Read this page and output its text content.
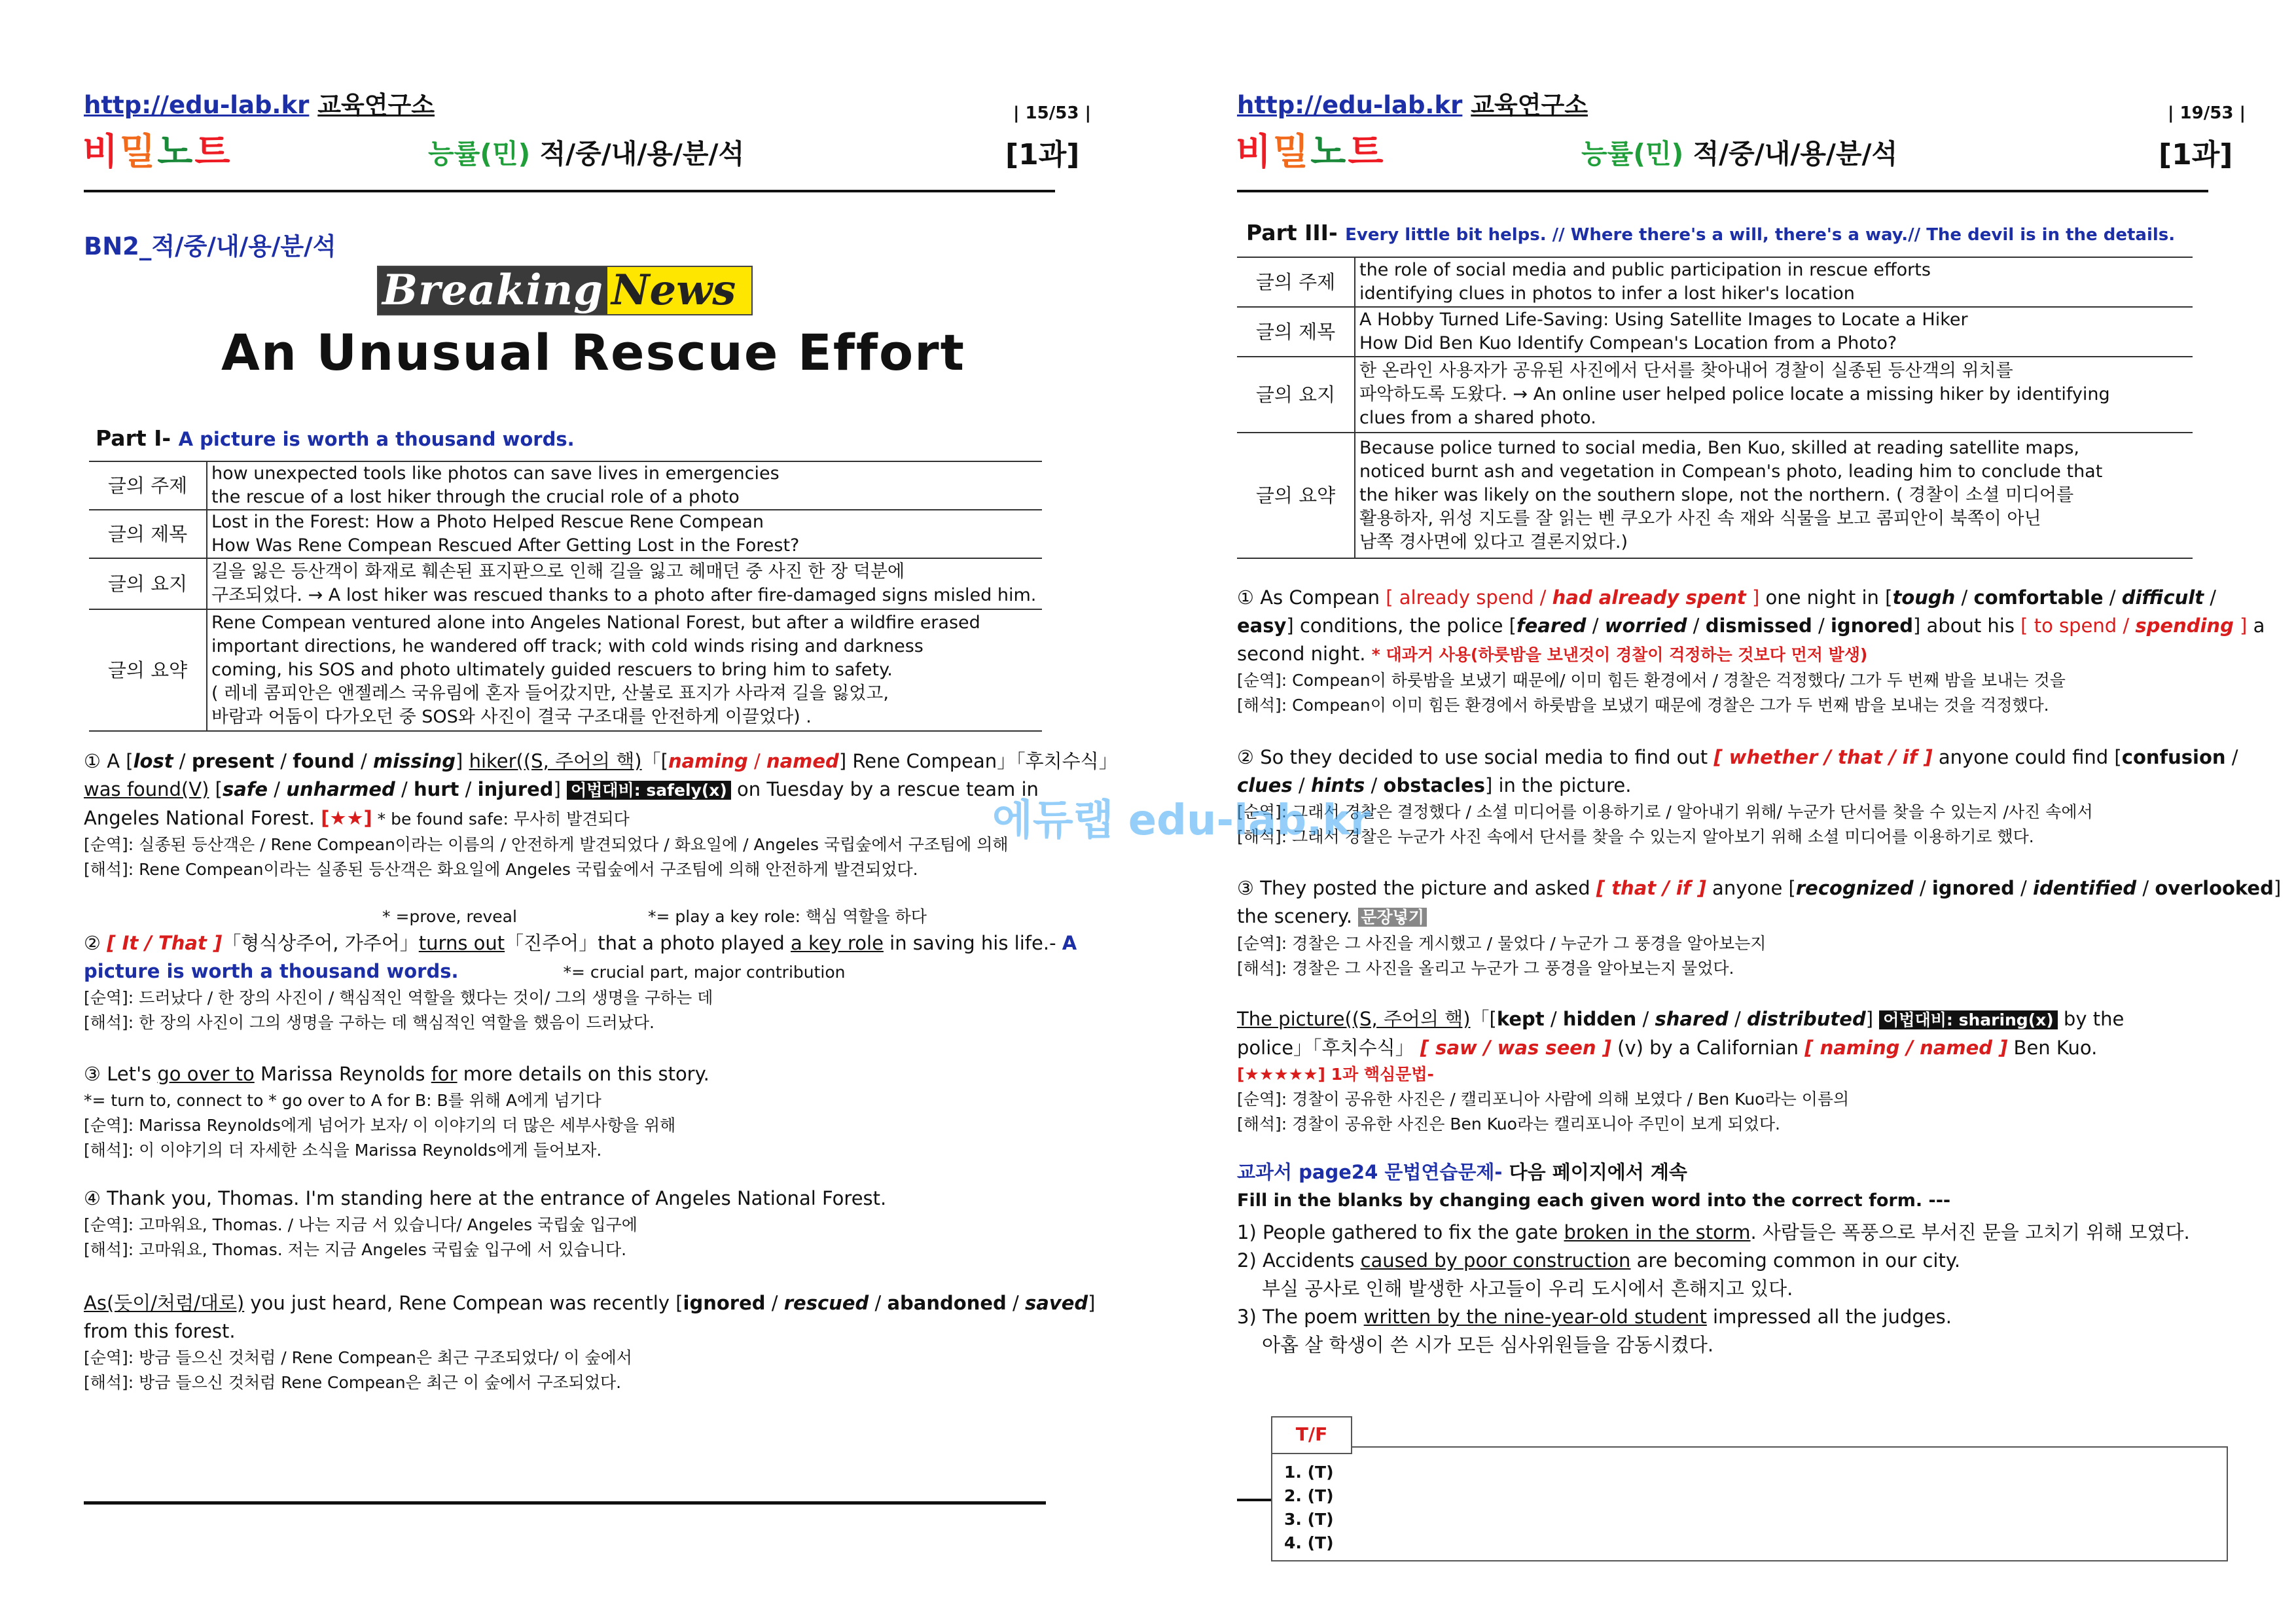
http://edu-lab.kr 교육연구소	| 15/53 |
비밀노트	능률(민) 적/중/내/용/분/석	[1과]
BN2_적/중/내/용/분/석
Breaking News
An Unusual Rescue Effort
Part I- A picture is worth a thousand words.
글의 주제	how unexpected tools like photos can save lives in emergencies
the rescue of a lost hiker through the crucial role of a photo

글의 제목	Lost in the Forest: How a Photo Helped Rescue Rene Compean
How Was Rene Compean Rescued After Getting Lost in the Forest?

글의 요지	길을 잃은 등산객이 화재로 훼손된 표지판으로 인해 길을 잃고 헤매던 중 사진 한 장 덕분에
구조되었다. → A lost hiker was rescued thanks to a photo after fire-damaged signs misled him.

글의 요약	Rene Compean ventured alone into Angeles National Forest, but after a wildfire erased
important directions, he wandered off track; with cold winds rising and darkness
coming, his SOS and photo ultimately guided rescuers to bring him to safety.
( 레네 콤피안은 앤젤레스 국유림에 혼자 들어갔지만, 산불로 표지가 사라져 길을 잃었고,
바람과 어둠이 다가오던 중 SOS와 사진이 결국 구조대를 안전하게 이끌었다) .
① A [lost / present / found / missing] hiker((S, 주어의 핵)「[naming / named] Rene Compean」「후치수식」
was found(V) [safe / unharmed / hurt / injured] 어법대비: safely(x) on Tuesday by a rescue team in
Angeles National Forest. [★★] * be found safe: 무사히 발견되다
[순역]: 실종된 등산객은 / Rene Compean이라는 이름의 / 안전하게 발견되었다 / 화요일에 / Angeles 국립숲에서 구조팀에 의해
[해석]: Rene Compean이라는 실종된 등산객은 화요일에 Angeles 국립숲에서 구조팀에 의해 안전하게 발견되었다.
* =prove, reveal	*= play a key role: 핵심 역할을 하다
② [ It / That ]「형식상주어, 가주어」turns out「진주어」that a photo played a key role in saving his life.- A
picture is worth a thousand words.	*= crucial part, major contribution
[순역]: 드러났다 / 한 장의 사진이 / 핵심적인 역할을 했다는 것이/ 그의 생명을 구하는 데
[해석]: 한 장의 사진이 그의 생명을 구하는 데 핵심적인 역할을 했음이 드러났다.
③ Let's go over to Marissa Reynolds for more details on this story.
*= turn to, connect to * go over to A for B: B를 위해 A에게 넘기다
[순역]: Marissa Reynolds에게 넘어가 보자/ 이 이야기의 더 많은 세부사항을 위해
[해석]: 이 이야기의 더 자세한 소식을 Marissa Reynolds에게 들어보자.
④ Thank you, Thomas. I'm standing here at the entrance of Angeles National Forest.
[순역]: 고마워요, Thomas. / 나는 지금 서 있습니다/ Angeles 국립숲 입구에
[해석]: 고마워요, Thomas. 저는 지금 Angeles 국립숲 입구에 서 있습니다.
As(듯이/처럼/대로) you just heard, Rene Compean was recently [ignored / rescued / abandoned / saved]
from this forest.
[순역]: 방금 들으신 것처럼 / Rene Compean은 최근 구조되었다/ 이 숲에서
[해석]: 방금 들으신 것처럼 Rene Compean은 최근 이 숲에서 구조되었다.
http://edu-lab.kr 교육연구소	| 19/53 |
비밀노트	능률(민) 적/중/내/용/분/석	[1과]
Part III- Every little bit helps. // Where there's a will, there's a way.// The devil is in the details.
글의 주제	the role of social media and public participation in rescue efforts
identifying clues in photos to infer a lost hiker's location

글의 제목	A Hobby Turned Life-Saving: Using Satellite Images to Locate a Hiker
How Did Ben Kuo Identify Compean's Location from a Photo?

글의 요지	한 온라인 사용자가 공유된 사진에서 단서를 찾아내어 경찰이 실종된 등산객의 위치를
파악하도록 도왔다. → An online user helped police locate a missing hiker by identifying
clues from a shared photo.

글의 요약	Because police turned to social media, Ben Kuo, skilled at reading satellite maps,
noticed burnt ash and vegetation in Compean's photo, leading him to conclude that
the hiker was likely on the southern slope, not the northern. ( 경찰이 소셜 미디어를
활용하자, 위성 지도를 잘 읽는 벤 쿠오가 사진 속 재와 식물을 보고 콤피안이 북쪽이 아닌
남쪽 경사면에 있다고 결론지었다.)
① As Compean [ already spend / had already spent ] one night in [tough / comfortable / difficult /
easy] conditions, the police [feared / worried / dismissed / ignored] about his [ to spend / spending ] a
second night. * 대과거 사용(하룻밤을 보낸것이 경찰이 걱정하는 것보다 먼저 발생)
[순역]: Compean이 하룻밤을 보냈기 때문에/ 이미 힘든 환경에서 / 경찰은 걱정했다/ 그가 두 번째 밤을 보내는 것을
[해석]: Compean이 이미 힘든 환경에서 하룻밤을 보냈기 때문에 경찰은 그가 두 번째 밤을 보내는 것을 걱정했다.
② So they decided to use social media to find out [ whether / that / if ] anyone could find [confusion /
clues / hints / obstacles] in the picture.
[순역]: 그래서 경찰은 결정했다 / 소셜 미디어를 이용하기로 / 알아내기 위해/ 누군가 단서를 찾을 수 있는지 /사진 속에서
[해석]: 그래서 경찰은 누군가 사진 속에서 단서를 찾을 수 있는지 알아보기 위해 소셜 미디어를 이용하기로 했다.
③ They posted the picture and asked [ that / if ] anyone [recognized / ignored / identified / overlooked]
the scenery. 문장넣기
[순역]: 경찰은 그 사진을 게시했고 / 물었다 / 누군가 그 풍경을 알아보는지
[해석]: 경찰은 그 사진을 올리고 누군가 그 풍경을 알아보는지 물었다.
The picture((S, 주어의 핵)「[kept / hidden / shared / distributed] 어법대비: sharing(x) by the
police」「후치수식」 [ saw / was seen ] (v) by a Californian [ naming / named ] Ben Kuo.
[★★★★★] 1과 핵심문법-
[순역]: 경찰이 공유한 사진은 / 캘리포니아 사람에 의해 보였다 / Ben Kuo라는 이름의
[해석]: 경찰이 공유한 사진은 Ben Kuo라는 캘리포니아 주민이 보게 되었다.
교과서 page24 문법연습문제- 다음 페이지에서 계속
Fill in the blanks by changing each given word into the correct form. ---
1) People gathered to fix the gate broken in the storm. 사람들은 폭풍으로 부서진 문을 고치기 위해 모였다.
2) Accidents caused by poor construction are becoming common in our city.
부실 공사로 인해 발생한 사고들이 우리 도시에서 흔해지고 있다.
3) The poem written by the nine-year-old student impressed all the judges.
아홉 살 학생이 쓴 시가 모든 심사위원들을 감동시켰다.
1. (T)
2. (T)
3. (T)
4. (T)
T/F
에듀랩 edu-lab.kr
